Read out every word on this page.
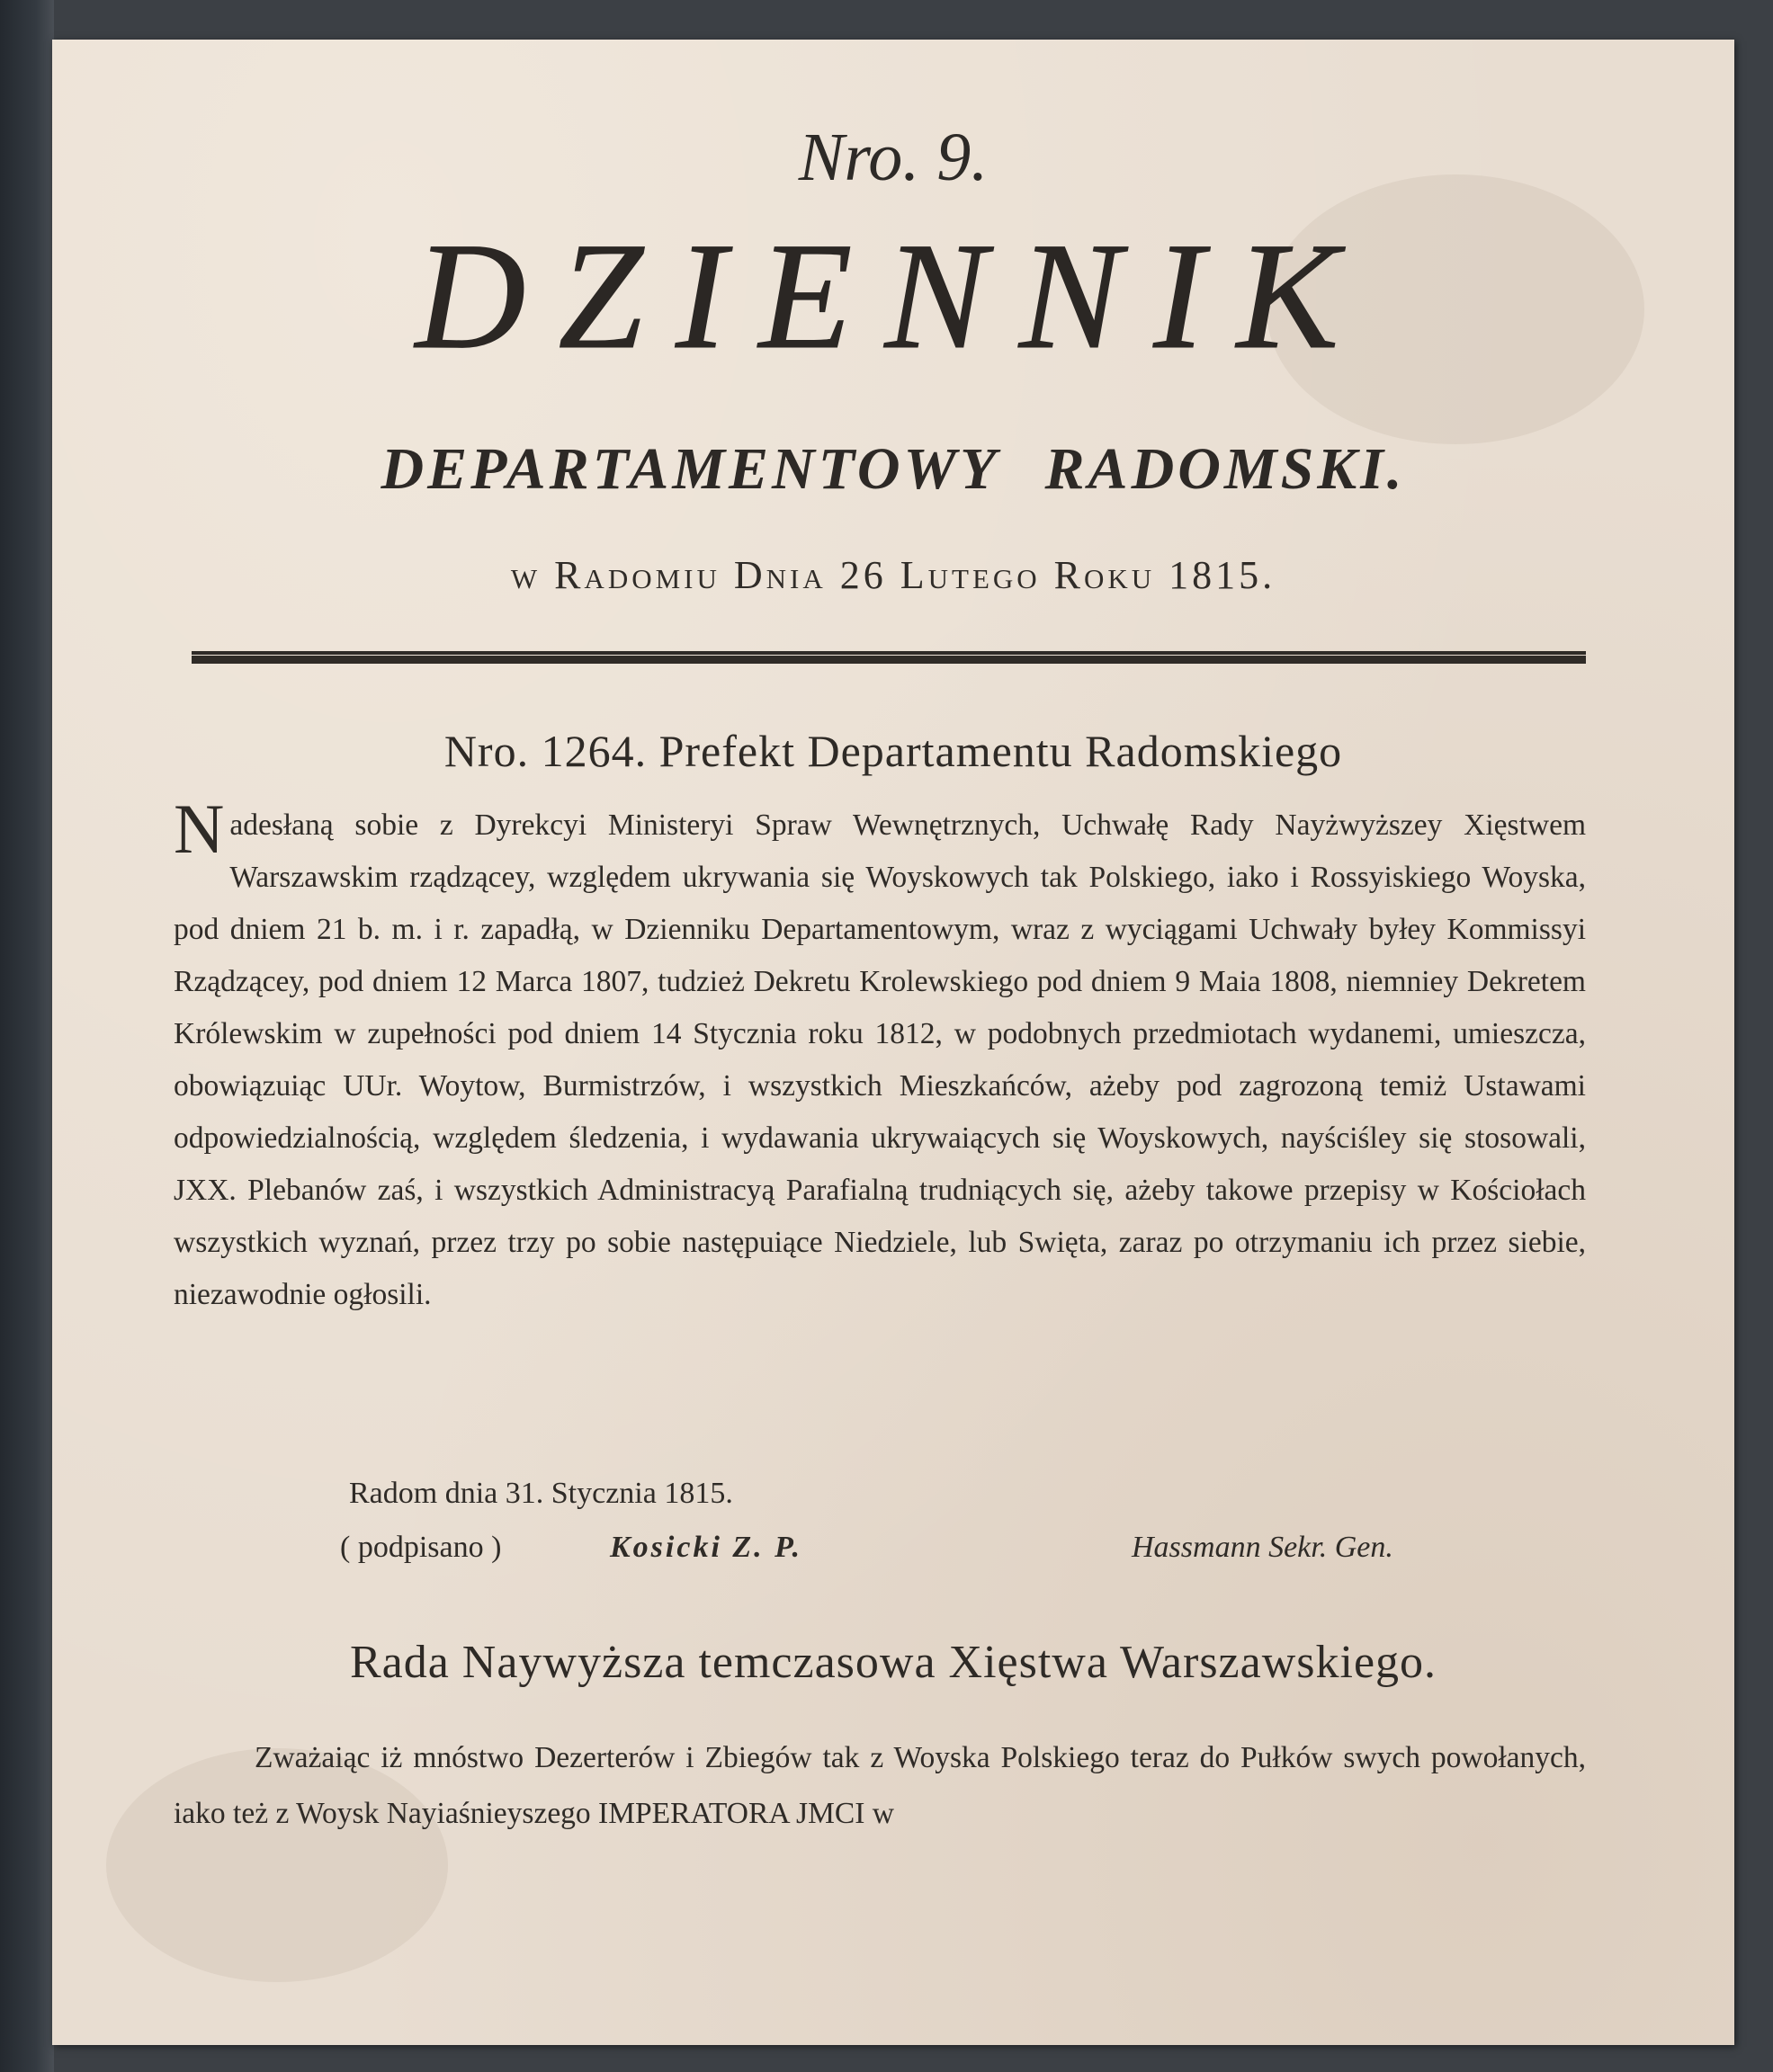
Nro. 9.
DZIENNIK
DEPARTAMENTOWY RADOMSKI.
w Radomiu Dnia 26 Lutego Roku 1815.
Nro. 1264. Prefekt Departamentu Radomskiego
Nadesłaną sobie z Dyrekcyi Ministeryi Spraw Wewnętrznych, Uchwałę Rady Nayżwyższey Xięstwem Warszawskim rządzącey, względem ukrywania się Woyskowych tak Polskiego, iako i Rossyiskiego Woyska, pod dniem 21 b. m. i r. zapadłą, w Dzienniku Departamentowym, wraz z wyciągami Uchwały byłey Kommissyi Rządzącey, pod dniem 12 Marca 1807, tudzież Dekretu Krolewskiego pod dniem 9 Maia 1808, niemniey Dekretem Królewskim w zupełności pod dniem 14 Stycznia roku 1812, w podobnych przedmiotach wydanemi, umieszcza, obowiązuiąc UUr. Woytow, Burmistrzów, i wszystkich Mieszkańców, ażeby pod zagrozoną temiż Ustawami odpowiedzialnością, względem śledzenia, i wydawania ukrywaiących się Woyskowych, nayściśley się stosowali, JXX. Plebanów zaś, i wszystkich Administracyą Parafialną trudniących się, ażeby takowe przepisy w Kościołach wszystkich wyznań, przez trzy po sobie następuiące Niedziele, lub Swięta, zaraz po otrzymaniu ich przez siebie, niezawodnie ogłosili.
Radom dnia 31. Stycznia 1815.
( podpisano )	Kosicki Z. P.	Hassmann Sekr. Gen.
Rada Naywyższa temczasowa Xięstwa Warszawskiego.
Zważaiąc iż mnóstwo Dezerterów i Zbiegów tak z Woyska Polskiego teraz do Pułków swych powołanych, iako też z Woysk Nayiaśnieyszego IMPERATORA JMCI w
